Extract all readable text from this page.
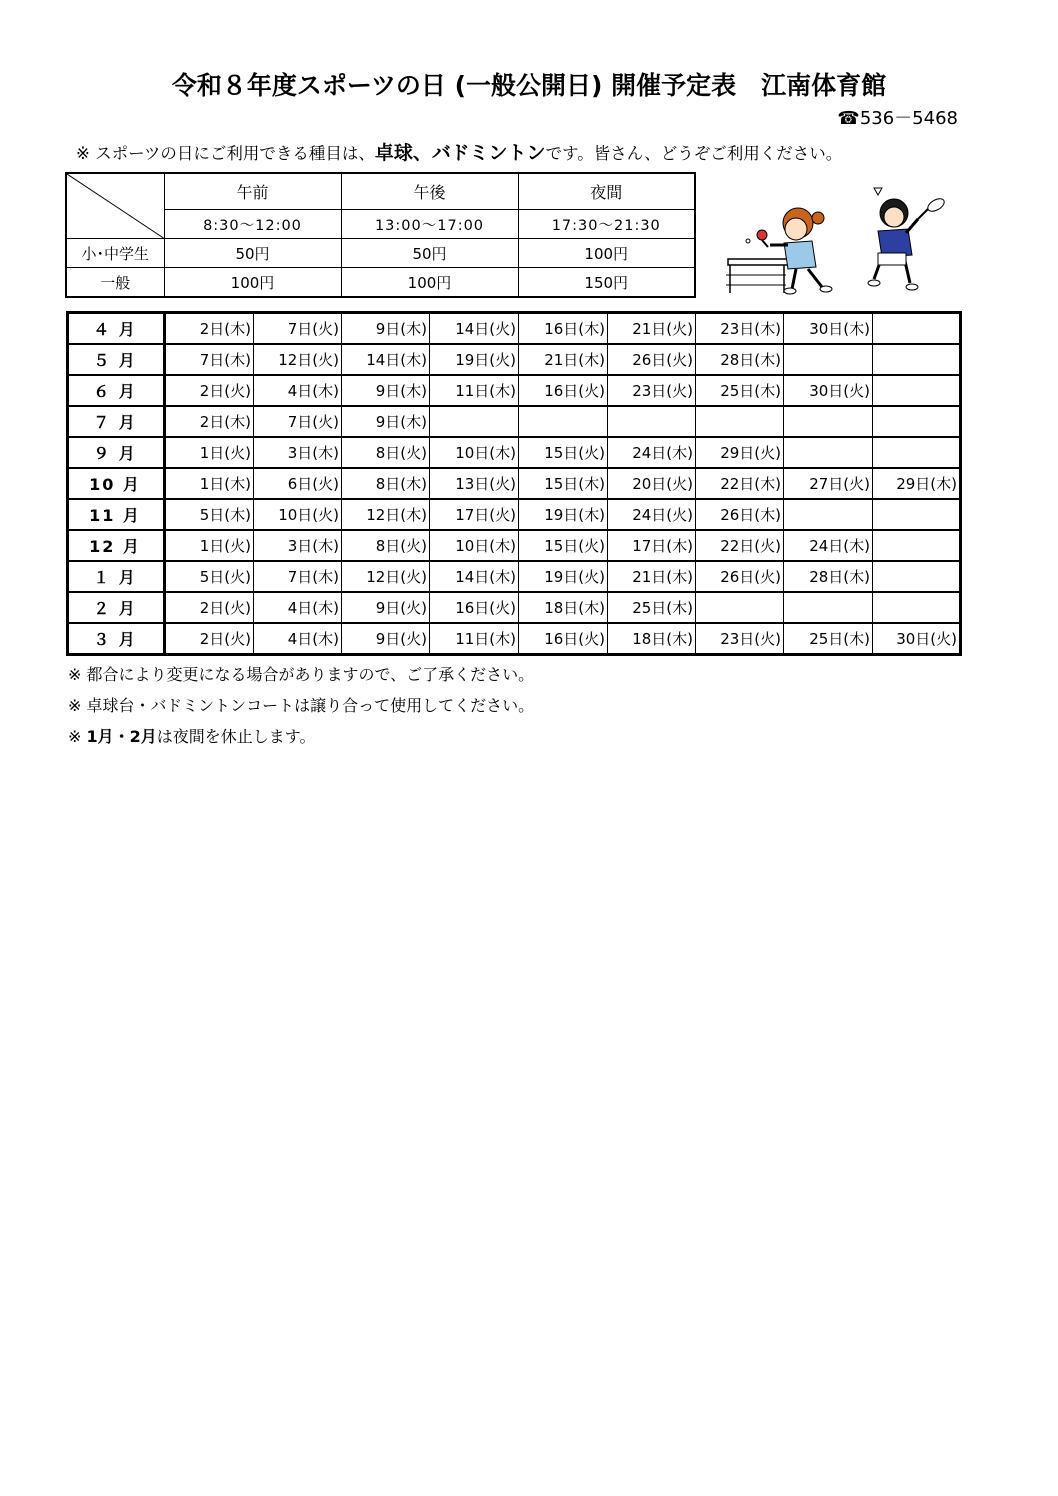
令和８年度スポーツの日 (一般公開日) 開催予定表　江南体育館
☎536－5468
※ スポーツの日にご利用できる種目は、卓球、バドミントンです。皆さん、どうぞご利用ください。
	午前	午後	夜間
	8:30～12:00	13:00～17:00	17:30～21:30
小･中学生	50円	50円	100円
一般	100円	100円	150円
４ 月	2日(木)	7日(火)	9日(木)	14日(火)	16日(木)	21日(火)	23日(木)	30日(木)	
５ 月	7日(木)	12日(火)	14日(木)	19日(火)	21日(木)	26日(火)	28日(木)		
６ 月	2日(火)	4日(木)	9日(木)	11日(木)	16日(火)	23日(火)	25日(木)	30日(火)	
７ 月	2日(木)	7日(火)	9日(木)						
９ 月	1日(火)	3日(木)	8日(火)	10日(木)	15日(火)	24日(木)	29日(火)		
10 月	1日(木)	6日(火)	8日(木)	13日(火)	15日(木)	20日(火)	22日(木)	27日(火)	29日(木)
11 月	5日(木)	10日(火)	12日(木)	17日(火)	19日(木)	24日(火)	26日(木)		
12 月	1日(火)	3日(木)	8日(火)	10日(木)	15日(火)	17日(木)	22日(火)	24日(木)	
１ 月	5日(火)	7日(木)	12日(火)	14日(木)	19日(火)	21日(木)	26日(火)	28日(木)	
２ 月	2日(火)	4日(木)	9日(火)	16日(火)	18日(木)	25日(木)			
３ 月	2日(火)	4日(木)	9日(火)	11日(木)	16日(火)	18日(木)	23日(火)	25日(木)	30日(火)
※ 都合により変更になる場合がありますので、ご了承ください。
※ 卓球台・バドミントンコートは譲り合って使用してください。
※ 1月・2月は夜間を休止します。
